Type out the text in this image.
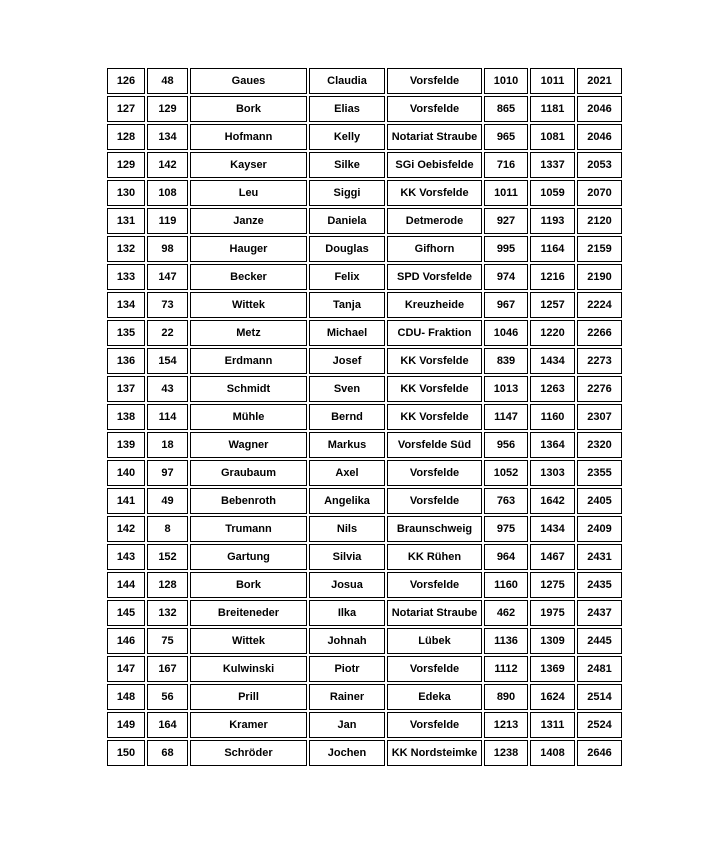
126	48	Gaues	Claudia	Vorsfelde	1010	1011	2021
127	129	Bork	Elias	Vorsfelde	865	1181	2046
128	134	Hofmann	Kelly	Notariat Straube	965	1081	2046
129	142	Kayser	Silke	SGi Oebisfelde	716	1337	2053
130	108	Leu	Siggi	KK Vorsfelde	1011	1059	2070
131	119	Janze	Daniela	Detmerode	927	1193	2120
132	98	Hauger	Douglas	Gifhorn	995	1164	2159
133	147	Becker	Felix	SPD Vorsfelde	974	1216	2190
134	73	Wittek	Tanja	Kreuzheide	967	1257	2224
135	22	Metz	Michael	CDU- Fraktion	1046	1220	2266
136	154	Erdmann	Josef	KK Vorsfelde	839	1434	2273
137	43	Schmidt	Sven	KK Vorsfelde	1013	1263	2276
138	114	Mühle	Bernd	KK Vorsfelde	1147	1160	2307
139	18	Wagner	Markus	Vorsfelde Süd	956	1364	2320
140	97	Graubaum	Axel	Vorsfelde	1052	1303	2355
141	49	Bebenroth	Angelika	Vorsfelde	763	1642	2405
142	8	Trumann	Nils	Braunschweig	975	1434	2409
143	152	Gartung	Silvia	KK Rühen	964	1467	2431
144	128	Bork	Josua	Vorsfelde	1160	1275	2435
145	132	Breiteneder	Ilka	Notariat Straube	462	1975	2437
146	75	Wittek	Johnah	Lübek	1136	1309	2445
147	167	Kulwinski	Piotr	Vorsfelde	1112	1369	2481
148	56	Prill	Rainer	Edeka	890	1624	2514
149	164	Kramer	Jan	Vorsfelde	1213	1311	2524
150	68	Schröder	Jochen	KK Nordsteimke	1238	1408	2646
